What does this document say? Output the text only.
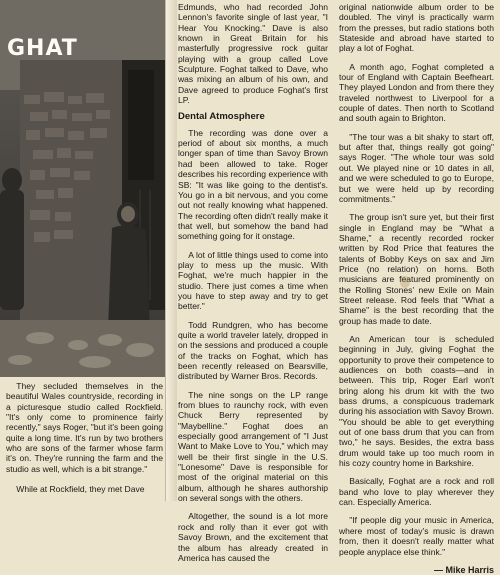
GHAT

They secluded themselves in the beautiful Wales countryside, recording in a picturesque studio called Rockfield. "It's only come to prominence fairly recently," says Roger, "but it's been going quite a long time. It's run by two brothers who are sons of the farmer whose farm it's on. They're running the farm and the studio as well, which is a bit strange."

While at Rockfield, they met Dave

Edmunds, who had recorded John Lennon's favorite single of last year, "I Hear You Knocking." Dave is also known in Great Britain for his masterfully progressive rock guitar playing with a group called Love Sculpture. Foghat talked to Dave, who was mixing an album of his own, and Dave agreed to produce Foghat's first LP.

Dental Atmosphere

The recording was done over a period of about six months, a much longer span of time than Savoy Brown had been allowed to take. Roger describes his recording experience with SB: "It was like going to the dentist's. You go in a bit nervous, and you come out not really knowing what happened. The recording often didn't really make it that well, but somehow the band had something going for it onstage.

A lot of little things used to come into play to mess up the music. With Foghat, we're much happier in the studio. There just comes a time when you have to step away and try to get better."

Todd Rundgren, who has become quite a world traveler lately, dropped in on the sessions and produced a couple of the tracks on Foghat, which has been recently released on Bearsville, distributed by Warner Bros. Records.

The nine songs on the LP range from blues to raunchy rock, with even Chuck Berry represented by "Maybelline." Foghat does an especially good arrangement of "I Just Want to Make Love to You," which may well be their first single in the U.S. "Lonesome" Dave is responsible for most of the original material on this album, although he shares authorship on several songs with the others.

Altogether, the sound is a lot more rock and rolly than it ever got with Savoy Brown, and the excitement that the album has already created in America has caused the

original nationwide album order to be doubled. The vinyl is practically warm from the presses, but radio stations both Stateside and abroad have started to play a lot of Foghat.

A month ago, Foghat completed a tour of England with Captain Beefheart. They played London and from there they traveled northwest to Liverpool for a couple of dates. Then north to Scotland and south again to Brighton.

"The tour was a bit shaky to start off, but after that, things really got going" says Roger. "The whole tour was sold out. We played nine or 10 dates in all, and we were scheduled to go to Europe, but we were held up by recording commitments."

The group isn't sure yet, but their first single in England may be "What a Shame," a recently recorded rocker written by Rod Price that features the talents of Bobby Keys on sax and Jim Price (no relation) on horns. Both musicians are featured prominently on the Rolling Stones' new Exile on Main Street release. Rod feels that "What a Shame" is the best recording that the group has made to date.

An American tour is scheduled beginning in July, giving Foghat the opportunity to prove their competence to audiences on both coasts—and in between. This trip, Roger Earl won't bring along his drum kit with the two bass drums, a conspicuous trademark during his association with Savoy Brown. "You should be able to get everything out of one bass drum that you can from two," he says. Besides, the extra bass drum would take up too much room in his cozy country home in Barkshire.

Basically, Foghat are a rock and roll band who love to play wherever they can. Especially America.

"If people dig your music in America, where most of today's music is drawn from, then it doesn't really matter what people anyplace else think."

— Mike Harris
